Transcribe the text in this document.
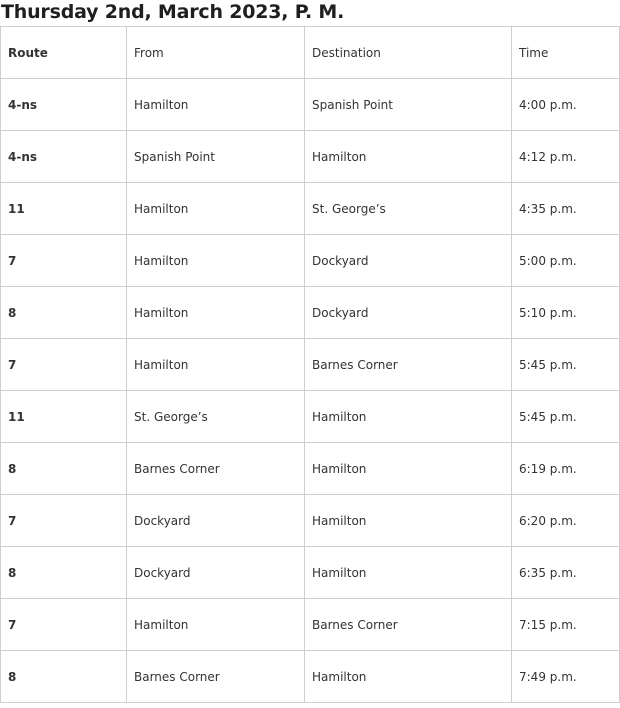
Thursday 2nd, March 2023, P. M.
Route	From	Destination	Time
4-ns	Hamilton	Spanish Point	4:00 p.m.
4-ns	Spanish Point	Hamilton	4:12 p.m.
11	Hamilton	St. George’s	4:35 p.m.
7	Hamilton	Dockyard	5:00 p.m.
8	Hamilton	Dockyard	5:10 p.m.
7	Hamilton	Barnes Corner	5:45 p.m.
11	St. George’s	Hamilton	5:45 p.m.
8	Barnes Corner	Hamilton	6:19 p.m.
7	Dockyard	Hamilton	6:20 p.m.
8	Dockyard	Hamilton	6:35 p.m.
7	Hamilton	Barnes Corner	7:15 p.m.
8	Barnes Corner	Hamilton	7:49 p.m.
